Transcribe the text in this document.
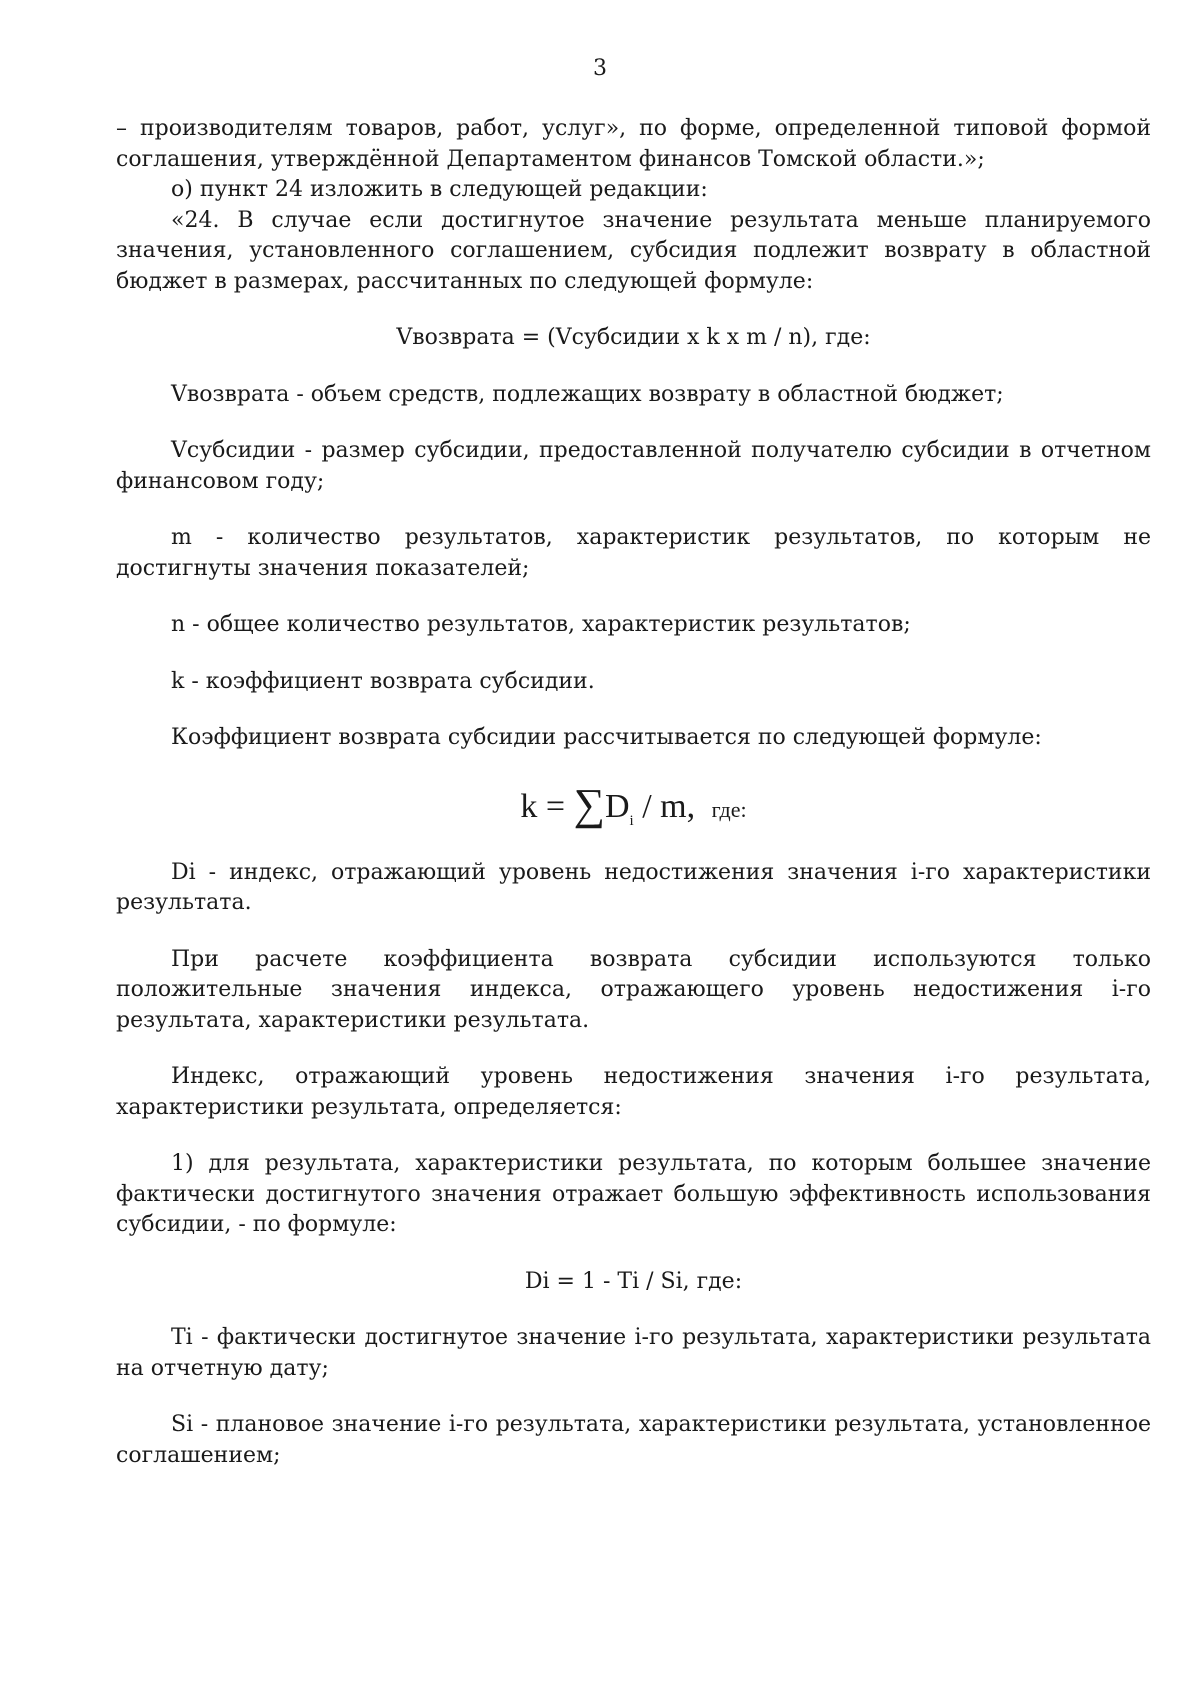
3

– производителям товаров, работ, услуг», по форме, определенной типовой формой соглашения, утверждённой Департаментом финансов Томской области.»;

о) пункт 24 изложить в следующей редакции:

«24. В случае если достигнутое значение результата меньше планируемого значения, установленного соглашением, субсидия подлежит возврату в областной бюджет в размерах, рассчитанных по следующей формуле:

Vвозврата = (Vсубсидии x k x m / n), где:

Vвозврата - объем средств, подлежащих возврату в областной бюджет;

Vсубсидии - размер субсидии, предоставленной получателю субсидии в отчетном финансовом году;

m - количество результатов, характеристик результатов, по которым не достигнуты значения показателей;

n - общее количество результатов, характеристик результатов;

k - коэффициент возврата субсидии.

Коэффициент возврата субсидии рассчитывается по следующей формуле:

$k = \sum D_i / m$, где:

Di - индекс, отражающий уровень недостижения значения i-го характеристики результата.

При расчете коэффициента возврата субсидии используются только положительные значения индекса, отражающего уровень недостижения i-го результата, характеристики результата.

Индекс, отражающий уровень недостижения значения i-го результата, характеристики результата, определяется:

1) для результата, характеристики результата, по которым большее значение фактически достигнутого значения отражает большую эффективность использования субсидии, - по формуле:

Di = 1 - Ti / Si, где:

Ti - фактически достигнутое значение i-го результата, характеристики результата на отчетную дату;

Si - плановое значение i-го результата, характеристики результата, установленное соглашением;
